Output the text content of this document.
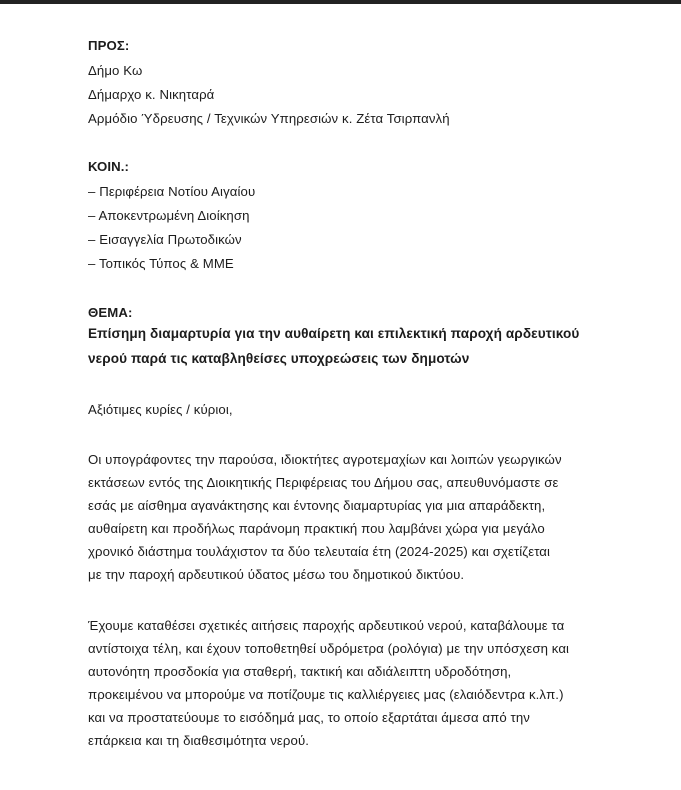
ΠΡΟΣ:
Δήμο Κω
Δήμαρχο κ. Νικηταρά
Αρμόδιο Ύδρευσης / Τεχνικών Υπηρεσιών κ. Ζέτα Τσιρπανλή
ΚΟΙΝ.:
– Περιφέρεια Νοτίου Αιγαίου
– Αποκεντρωμένη Διοίκηση
– Εισαγγελία Πρωτοδικών
– Τοπικός Τύπος & ΜΜΕ
ΘΕΜΑ:
Επίσημη διαμαρτυρία για την αυθαίρετη και επιλεκτική παροχή αρδευτικού
νερού παρά τις καταβληθείσες υποχρεώσεις των δημοτών
Αξιότιμες κυρίες / κύριοι,
Οι υπογράφοντες την παρούσα, ιδιοκτήτες αγροτεμαχίων και λοιπών γεωργικών
εκτάσεων εντός της Διοικητικής Περιφέρειας του Δήμου σας, απευθυνόμαστε σε
εσάς με αίσθημα αγανάκτησης και έντονης διαμαρτυρίας για μια απαράδεκτη,
αυθαίρετη και προδήλως παράνομη πρακτική που λαμβάνει χώρα για μεγάλο
χρονικό διάστημα τουλάχιστον τα δύο τελευταία έτη (2024-2025) και σχετίζεται
με την παροχή αρδευτικού ύδατος μέσω του δημοτικού δικτύου.
Έχουμε καταθέσει σχετικές αιτήσεις παροχής αρδευτικού νερού, καταβάλουμε τα
αντίστοιχα τέλη, και έχουν τοποθετηθεί υδρόμετρα (ρολόγια) με την υπόσχεση και
αυτονόητη προσδοκία για σταθερή, τακτική και αδιάλειπτη υδροδότηση,
προκειμένου να μπορούμε να ποτίζουμε τις καλλιέργειες μας (ελαιόδεντρα κ.λπ.)
και να προστατεύουμε το εισόδημά μας, το οποίο εξαρτάται άμεσα από την
επάρκεια και τη διαθεσιμότητα νερού.
